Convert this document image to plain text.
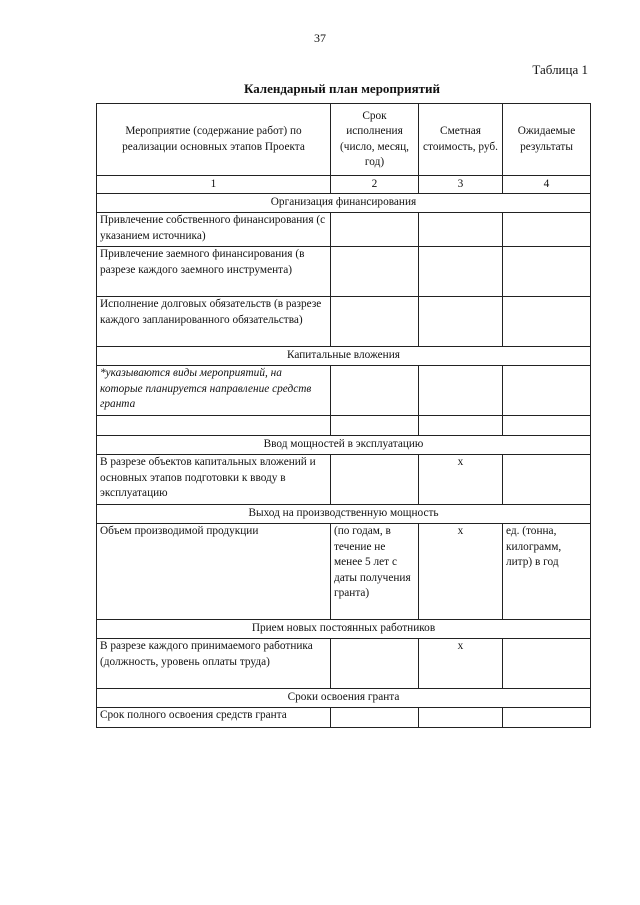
37
Таблица 1
Календарный план мероприятий
Мероприятие (содержание работ) по реализации основных этапов Проекта	Срок исполнения (число, месяц, год)	Сметная стоимость, руб.	Ожидаемые результаты
1	2	3	4
Организация финансирования			
Привлечение собственного финансирования (с указанием источника)			
Привлечение заемного финансирования (в разрезе каждого заемного инструмента)			
Исполнение долговых обязательств (в разрезе каждого запланированного обязательства)			
Капитальные вложения			
*указываются виды мероприятий, на которые планируется направление средств гранта			

Ввод мощностей в эксплуатацию			
В разрезе объектов капитальных вложений и основных этапов подготовки к вводу в эксплуатацию		х	
Выход на производственную мощность			
Объем производимой продукции	(по годам, в течение не менее 5 лет с даты получения гранта)	х	ед. (тонна, килограмм, литр) в год
Прием новых постоянных работников			
В разрезе каждого принимаемого работника (должность, уровень оплаты труда)		х	
Сроки освоения гранта			
Срок полного освоения средств гранта			
